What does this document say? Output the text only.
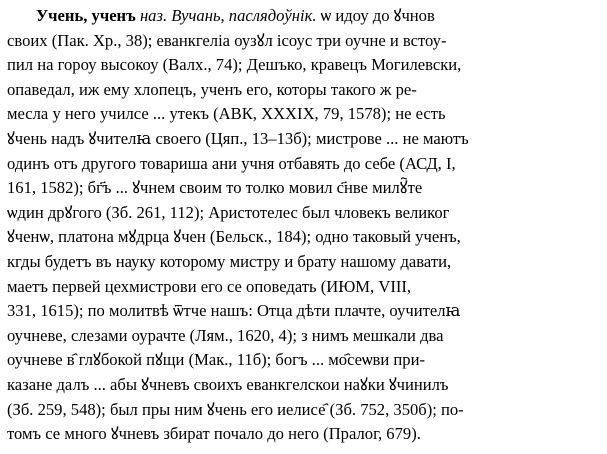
Учень, ученъ наз. Вучань, паслядоўнік. ѡ идоу до ꙋчнов
своих (Пак. Хр., 38); еванкгеліа оузꙋл ісоус три оучне и встоу-
пил на гороу высокоу (Валх., 74); Дешъко, кравецъ Могилевски,
опаведал, иж ему хлопецъ, ученъ его, которы такого ж ре-
месла у него училсе ... утекъ (АВК, XXXIX, 79, 1578); не есть
ꙋчень надъ ꙋчителꙗ своего (Цяп., 13–13б); мистрове ... не маютъ
одинъ отъ другого товариша ани учня отбавять до себе (АСД, I,
161, 1582); бг҃ъ ... ꙋчнем своим то толко мовил с҃нве милꙋ҇те
ѡдин дрꙋгого (Зб. 261, 112); Аристотелес был чловекъ великог
ꙋченѡ, платона мꙋдрца ꙋчен (Бельск., 184); одно таковый ученъ,
кгды будетъ въ науку которому мистру и брату нашому давати,
маетъ первей цехмистрови его се оповедать (ИЮМ, VIII,
331, 1615); по молитвѣ ѿтче нашъ: Отца дѣти плачте, оучителꙗ
оучневе, слезами оурачте (Лям., 1620, 4); з нимъ мешкали два
оучневе в҄ глꙋбокой пꙋщи (Мак., 11б); богъ ... мо҄сеѡви при-
казане далъ ... абы ꙋчневъ своихъ еванкгелскои наꙋки ꙋчинилъ
(Зб. 259, 548); был пры ним ꙋчень его иелисе҄ (Зб. 752, 350б); по-
томъ се много ꙋчневъ збират почало до него (Пралог, 679).
